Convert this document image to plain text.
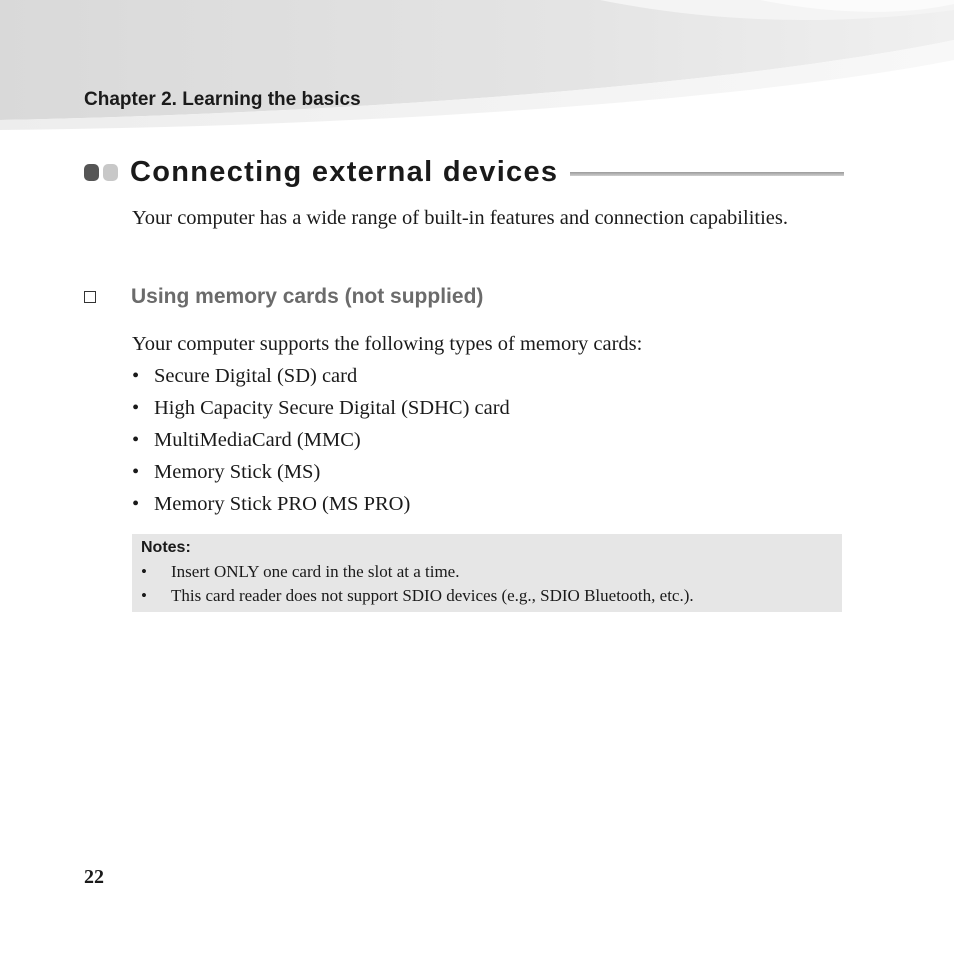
Chapter 2. Learning the basics

Connecting external devices

Your computer has a wide range of built-in features and connection capabilities.

Using memory cards (not supplied)

Your computer supports the following types of memory cards:

• Secure Digital (SD) card
• High Capacity Secure Digital (SDHC) card
• MultiMediaCard (MMC)
• Memory Stick (MS)
• Memory Stick PRO (MS PRO)

Notes:

•	Insert ONLY one card in the slot at a time.
•	This card reader does not support SDIO devices (e.g., SDIO Bluetooth, etc.).

22
